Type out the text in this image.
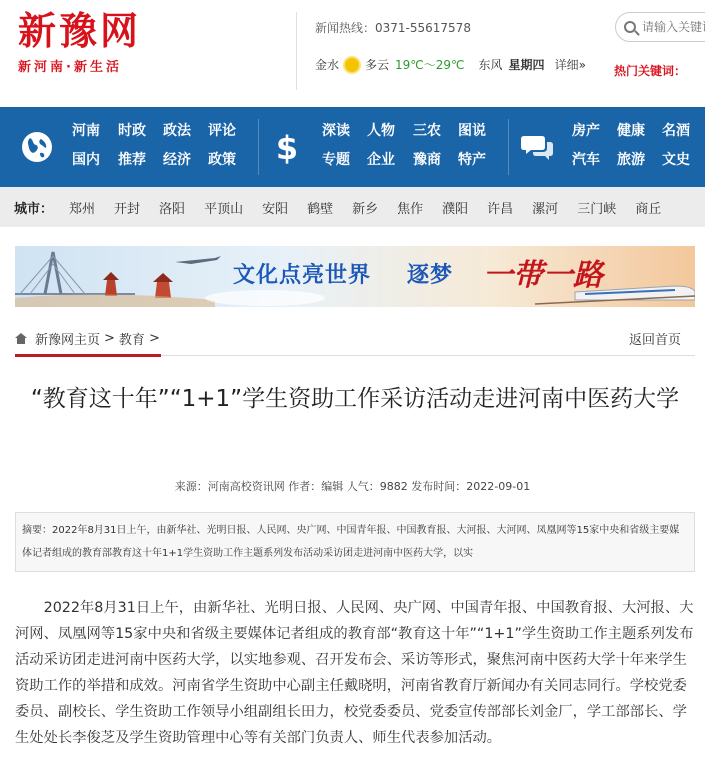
新豫网
新河南·新生活
新闻热线：0371-55617578
金水 多云 19℃～29℃ 东风 星期四 详细»
请输入关键词 热门关键词：
河南
国内
时政
推荐
政法
经济
评论
政策 $ 深读
专题
人物
企业
三农
豫商
图说
特产
房产
汽车
健康
旅游
名酒
文史
城市： 郑州 开封 洛阳 平顶山 安阳 鹤壁 新乡 焦作 濮阳 许昌 漯河 三门峡 商丘
文化点亮世界 逐梦 一带一路
新豫网主页 > 教育 >	返回首页
“教育这十年”“1+1”学生资助工作采访活动走进河南中医药大学
来源：河南高校资讯网 作者：编辑 人气：9882 发布时间：2022-09-01
摘要：2022年8月31日上午，由新华社、光明日报、人民网、央广网、中国青年报、中国教育报、大河报、大河网、凤凰网等15家中央和省级主要媒体记者组成的教育部教育这十年1+1学生资助工作主题系列发布活动采访团走进河南中医药大学，以实

2022年8月31日上午，由新华社、光明日报、人民网、央广网、中国青年报、中国教育报、大河报、大河网、凤凰网等15家中央和省级主要媒体记者组成的教育部“教育这十年”“1+1”学生资助工作主题系列发布活动采访团走进河南中医药大学，以实地参观、召开发布会、采访等形式，聚焦河南中医药大学十年来学生资助工作的举措和成效。河南省学生资助中心副主任戴晓明，河南省教育厅新闻办有关同志同行。学校党委委员、副校长、学生资助工作领导小组副组长田力，校党委委员、党委宣传部部长刘金厂，学工部部长、学生处处长李俊芝及学生资助管理中心等有关部门负责人、师生代表参加活动。
